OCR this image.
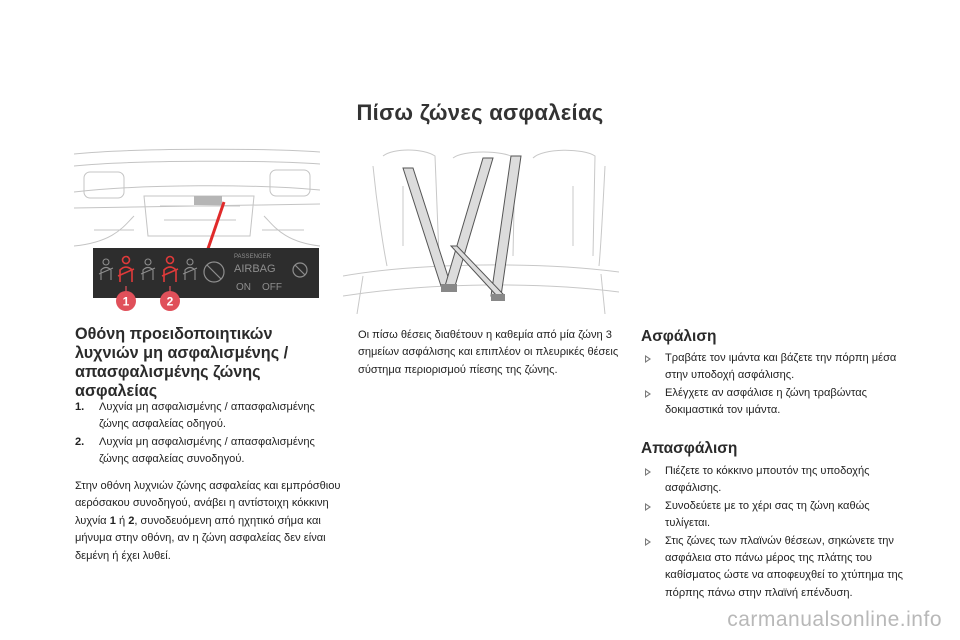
Πίσω ζώνες ασφαλείας
PASSENGER
AIRBAG
ON OFF
1	2
Οθόνη προειδοποιητικών λυχνιών μη ασφαλισμένης / απασφαλισμένης ζώνης ασφαλείας
1. Λυχνία μη ασφαλισμένης / απασφαλισμένης ζώνης ασφαλείας οδηγού.
2. Λυχνία μη ασφαλισμένης / απασφαλισμένης ζώνης ασφαλείας συνοδηγού.
Στην οθόνη λυχνιών ζώνης ασφαλείας και εμπρόσθιου αερόσακου συνοδηγού, ανάβει η αντίστοιχη κόκκινη λυχνία 1 ή 2, συνοδευόμενη από ηχητικό σήμα και μήνυμα στην οθόνη, αν η ζώνη ασφαλείας δεν είναι δεμένη ή έχει λυθεί.
Οι πίσω θέσεις διαθέτουν η καθεμία από μία ζώνη 3 σημείων ασφάλισης και επιπλέον οι πλευρικές θέσεις σύστημα περιορισμού πίεσης της ζώνης.
Ασφάλιση
Τραβάτε τον ιμάντα και βάζετε την πόρπη μέσα στην υποδοχή ασφάλισης.
Ελέγχετε αν ασφάλισε η ζώνη τραβώντας δοκιμαστικά τον ιμάντα.
Απασφάλιση
Πιέζετε το κόκκινο μπουτόν της υποδοχής ασφάλισης.
Συνοδεύετε με το χέρι σας τη ζώνη καθώς τυλίγεται.
Στις ζώνες των πλαϊνών θέσεων, σηκώνετε την ασφάλεια στο πάνω μέρος της πλάτης του καθίσματος ώστε να αποφευχθεί το χτύπημα της πόρπης πάνω στην πλαϊνή επένδυση.
carmanualsonline.info
